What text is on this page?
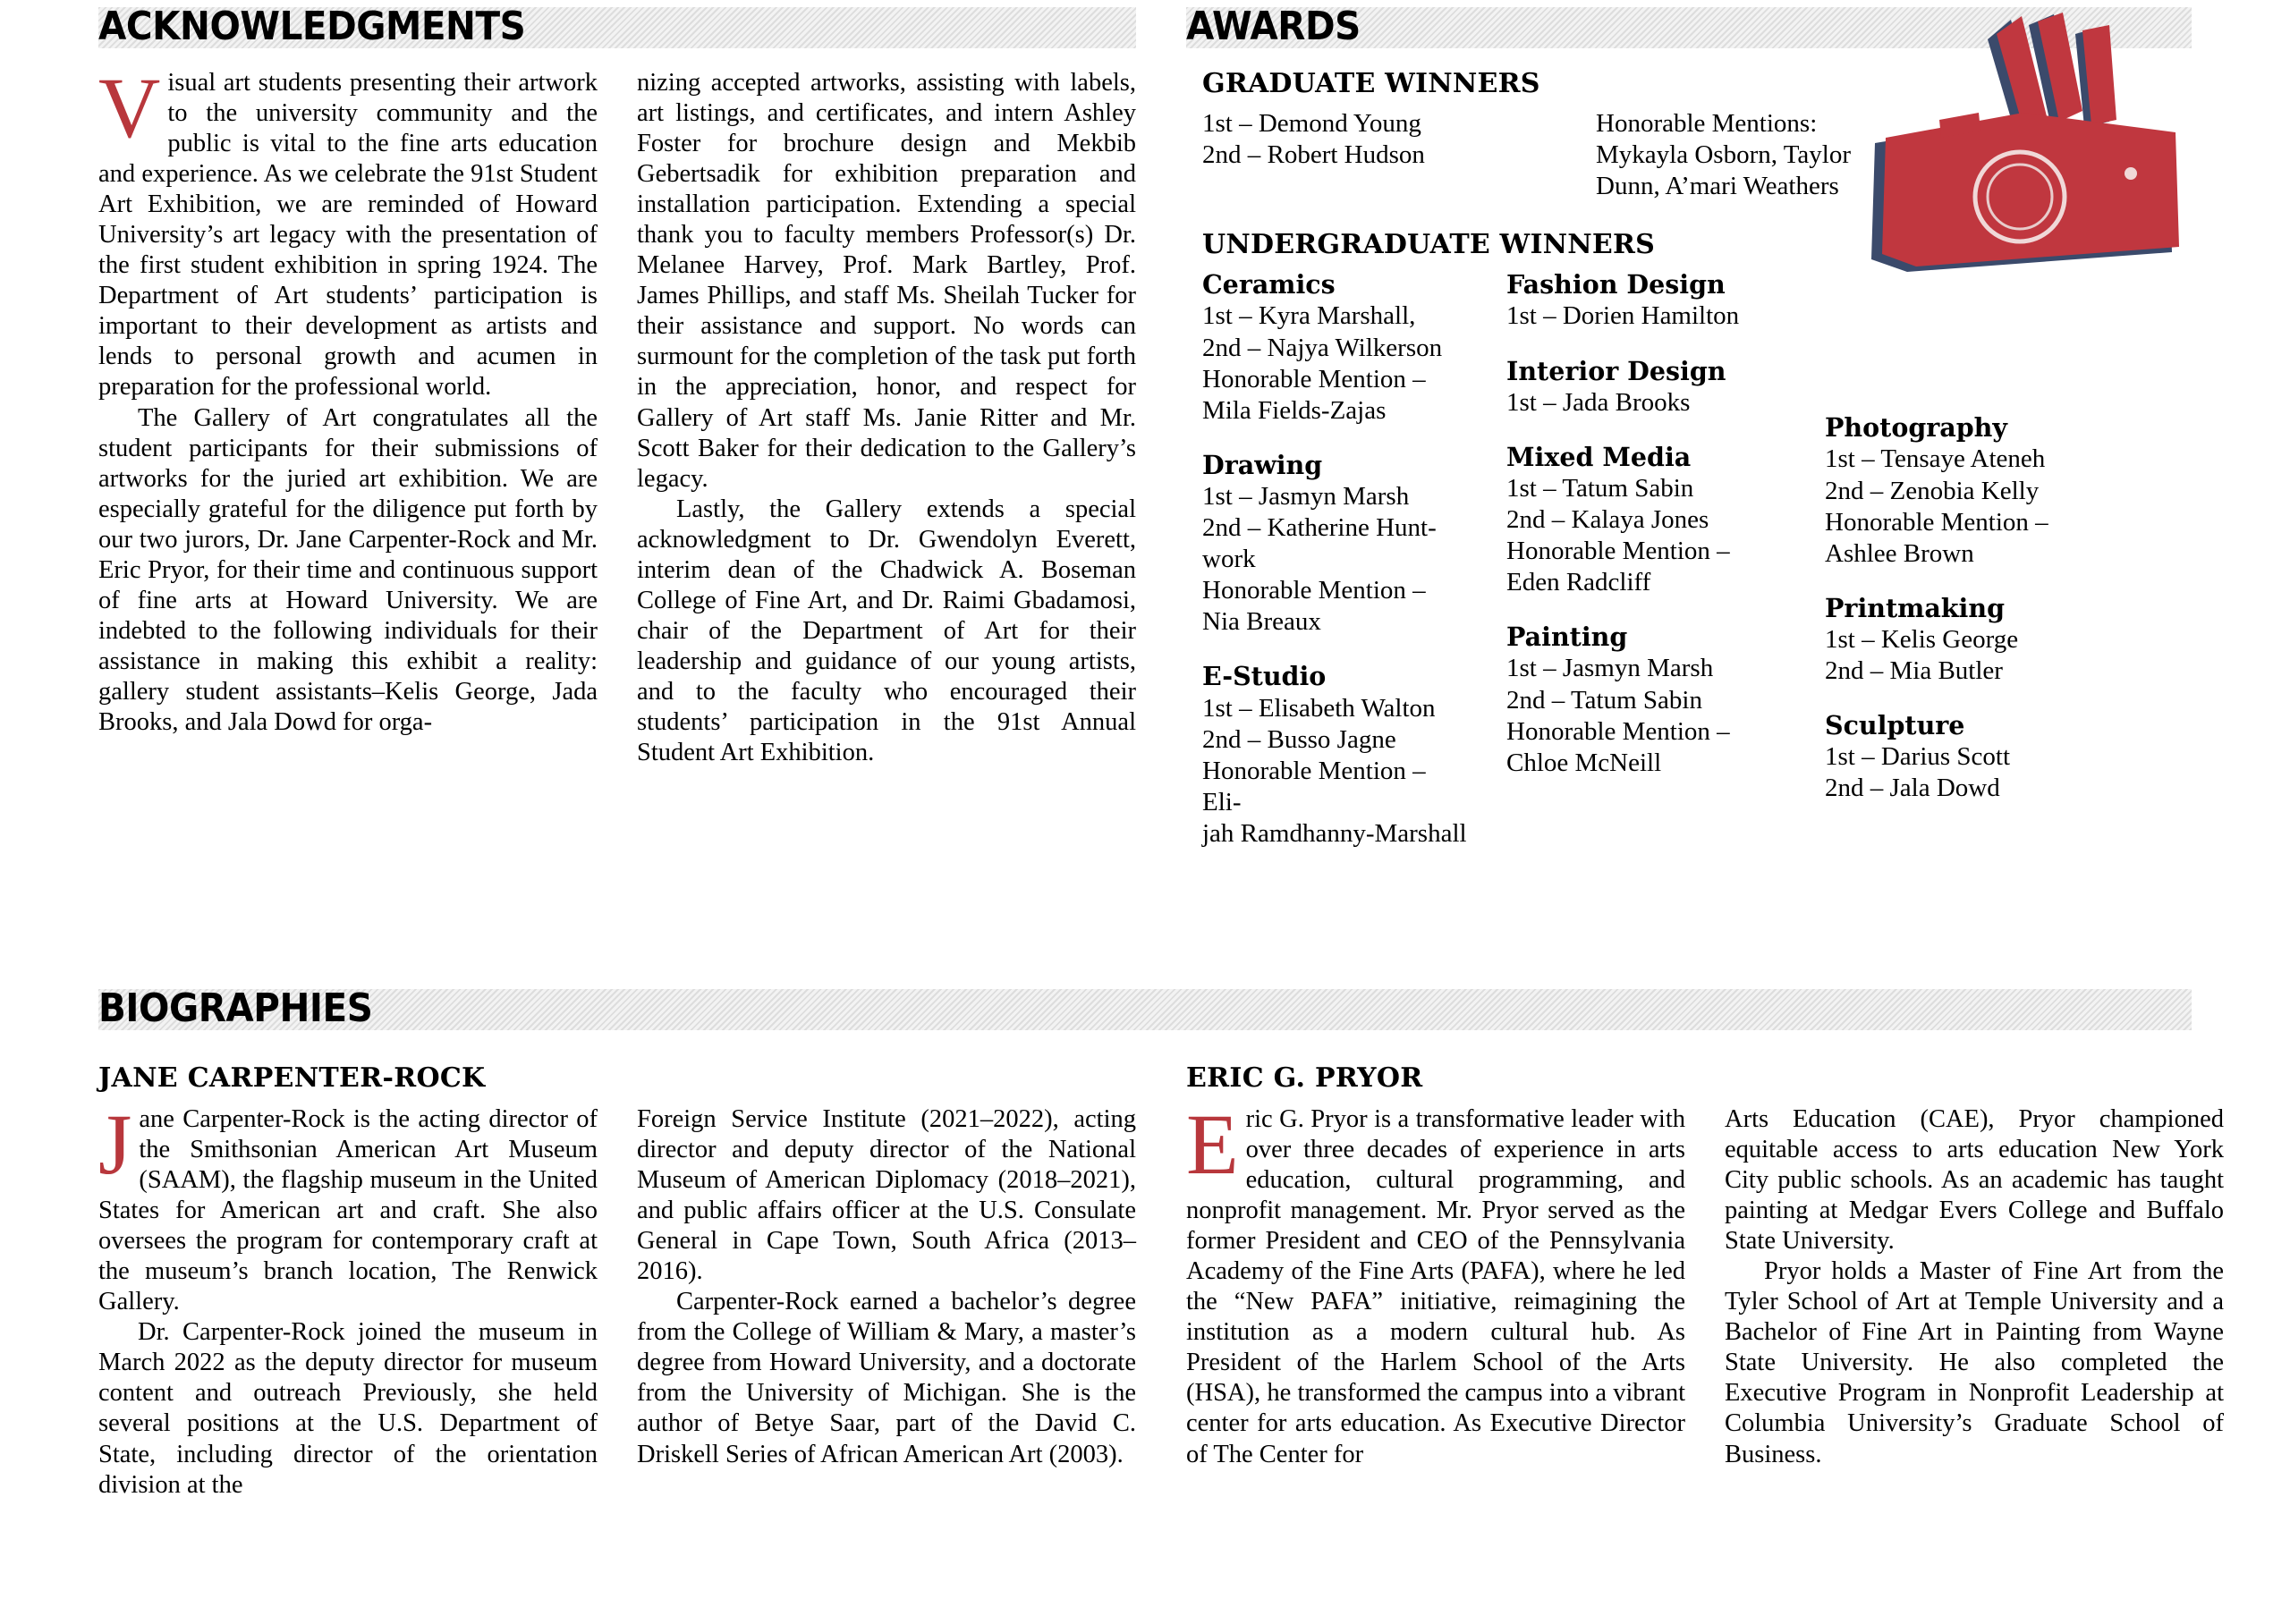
ACKNOWLEDGMENTS

Visual art students presenting their artwork to the university community and the public is vital to the fine arts education and experience. As we celebrate the 91st Student Art Exhibition, we are reminded of Howard University’s art legacy with the presentation of the first student exhibition in spring 1924. The Department of Art students’ participation is important to their development as artists and lends to personal growth and acumen in preparation for the professional world.

The Gallery of Art congratulates all the student participants for their submissions of artworks for the juried art exhibition. We are especially grateful for the diligence put forth by our two jurors, Dr. Jane Carpenter-Rock and Mr. Eric Pryor, for their time and continuous support of fine arts at Howard University. We are indebted to the following individuals for their assistance in making this exhibit a reality: gallery student assistants–Kelis George, Jada Brooks, and Jala Dowd for orga-

nizing accepted artworks, assisting with labels, art listings, and certificates, and intern Ashley Foster for brochure design and Mekbib Gebertsadik for exhibition preparation and installation participation. Extending a special thank you to faculty members Professor(s) Dr. Melanee Harvey, Prof. Mark Bartley, Prof. James Phillips, and staff Ms. Sheilah Tucker for their assistance and support. No words can surmount for the completion of the task put forth in the appreciation, honor, and respect for Gallery of Art staff Ms. Janie Ritter and Mr. Scott Baker for their dedication to the Gallery’s legacy.

Lastly, the Gallery extends a special acknowledgment to Dr. Gwendolyn Everett, interim dean of the Chadwick A. Boseman College of Fine Art, and Dr. Raimi Gbadamosi, chair of the Department of Art for their leadership and guidance of our young artists, and to the faculty who encouraged their students’ participation in the 91st Annual Student Art Exhibition.

AWARDS
GRADUATE WINNERS
1st – Demond Young
2nd – Robert Hudson
Honorable Mentions:
Mykayla Osborn, Taylor
Dunn, A’mari Weathers
UNDERGRADUATE WINNERS
Ceramics
1st – Kyra Marshall,
2nd – Najya Wilkerson
Honorable Mention –
Mila Fields-Zajas
Drawing
1st – Jasmyn Marsh
2nd – Katherine Hunt-
work
Honorable Mention –
Nia Breaux
E-Studio
1st – Elisabeth Walton
2nd – Busso Jagne
Honorable Mention – Eli-
jah Ramdhanny-Marshall
Fashion Design
1st – Dorien Hamilton
Interior Design
1st – Jada Brooks
Mixed Media
1st – Tatum Sabin
2nd – Kalaya Jones
Honorable Mention –
Eden Radcliff
Painting
1st – Jasmyn Marsh
2nd – Tatum Sabin
Honorable Mention –
Chloe McNeill
Photography
1st – Tensaye Ateneh
2nd – Zenobia Kelly
Honorable Mention –
Ashlee Brown
Printmaking
1st – Kelis George
2nd – Mia Butler
Sculpture
1st – Darius Scott
2nd – Jala Dowd
BIOGRAPHIES
JANE CARPENTER-ROCK

Jane Carpenter-Rock is the acting director of the Smithsonian American Art Museum (SAAM), the flagship museum in the United States for American art and craft. She also oversees the program for contemporary craft at the museum’s branch location, The Renwick Gallery.

Dr. Carpenter-Rock joined the museum in March 2022 as the deputy director for museum content and outreach Previously, she held several positions at the U.S. Department of State, including director of the orientation division at the

Foreign Service Institute (2021–2022), acting director and deputy director of the National Museum of American Diplomacy (2018–2021), and public affairs officer at the U.S. Consulate General in Cape Town, South Africa (2013–2016).

Carpenter-Rock earned a bachelor’s degree from the College of William & Mary, a master’s degree from Howard University, and a doctorate from the University of Michigan. She is the author of Betye Saar, part of the David C. Driskell Series of African American Art (2003).

ERIC G. PRYOR

Eric G. Pryor is a transformative leader with over three decades of experience in arts education, cultural programming, and nonprofit management. Mr. Pryor served as the former President and CEO of the Pennsylvania Academy of the Fine Arts (PAFA), where he led the “New PAFA” initiative, reimagining the institution as a modern cultural hub. As President of the Harlem School of the Arts (HSA), he transformed the campus into a vibrant center for arts education. As Executive Director of The Center for

Arts Education (CAE), Pryor championed equitable access to arts education New York City public schools. As an academic has taught painting at Medgar Evers College and Buffalo State University.

Pryor holds a Master of Fine Art from the Tyler School of Art at Temple University and a Bachelor of Fine Art in Painting from Wayne State University. He also completed the Executive Program in Nonprofit Leadership at Columbia University’s Graduate School of Business.
